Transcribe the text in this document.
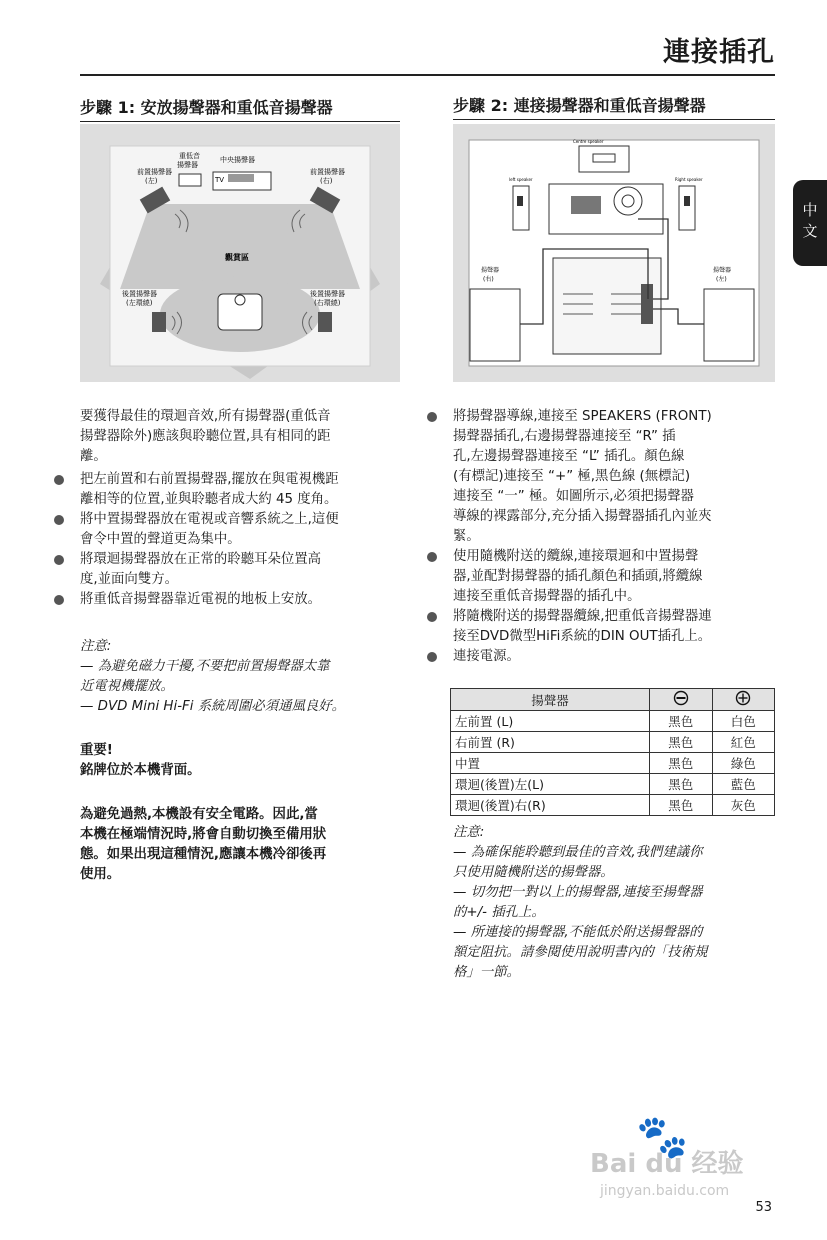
連接插孔
中文
步驟 1: 安放揚聲器和重低音揚聲器
前置揚聲器
(左)
重低音
揚聲器
中央揚聲器
TV
前置揚聲器
(右)
觀賞區
後置揚聲器
(左環繞)
後置揚聲器
(右環繞)
要獲得最佳的環迴音效,所有揚聲器(重低音
揚聲器除外)應該與聆聽位置,具有相同的距
離。
把左前置和右前置揚聲器,擺放在與電視機距
離相等的位置,並與聆聽者成大約 45 度角。
將中置揚聲器放在電視或音響系統之上,這便
會令中置的聲道更為集中。
將環迴揚聲器放在正常的聆聽耳朵位置高
度,並面向雙方。
將重低音揚聲器靠近電視的地板上安放。
注意:
— 為避免磁力干擾,不要把前置揚聲器太靠
近電視機擺放。
— DVD Mini Hi-Fi 系統周圍必須通風良好。
重要!
銘牌位於本機背面。
為避免過熱,本機設有安全電路。因此,當
本機在極端情況時,將會自動切換至備用狀
態。如果出現這種情況,應讓本機冷卻後再
使用。
步驟 2: 連接揚聲器和重低音揚聲器
Centre speaker
left speaker	Right speaker
揚聲器
(右)
揚聲器
(左)
將揚聲器導線,連接至 SPEAKERS (FRONT)
揚聲器插孔,右邊揚聲器連接至 “R” 插
孔,左邊揚聲器連接至 “L” 插孔。顏色線
(有標記)連接至 “+” 極,黑色線 (無標記)
連接至 “一” 極。如圖所示,必須把揚聲器
導線的裸露部分,充分插入揚聲器插孔內並夾
緊。
使用隨機附送的纜線,連接環迴和中置揚聲
器,並配對揚聲器的插孔顏色和插頭,將纜線
連接至重低音揚聲器的插孔中。
將隨機附送的揚聲器纜線,把重低音揚聲器連
接至DVD微型HiFi系統的DIN OUT插孔上。
連接電源。
揚聲器		
左前置 (L)	黑色	白色
右前置 (R)	黑色	紅色
中置	黑色	綠色
環迴(後置)左(L)	黑色	藍色
環迴(後置)右(R)	黑色	灰色
注意:
— 為確保能聆聽到最佳的音效,我們建議你
只使用隨機附送的揚聲器。
— 切勿把一對以上的揚聲器,連接至揚聲器
的+/- 插孔上。
— 所連接的揚聲器,不能低於附送揚聲器的
額定阻抗。請參閱使用說明書內的「技術規
格」一節。
🐾
Bai du 经验
jingyan.baidu.com
53
